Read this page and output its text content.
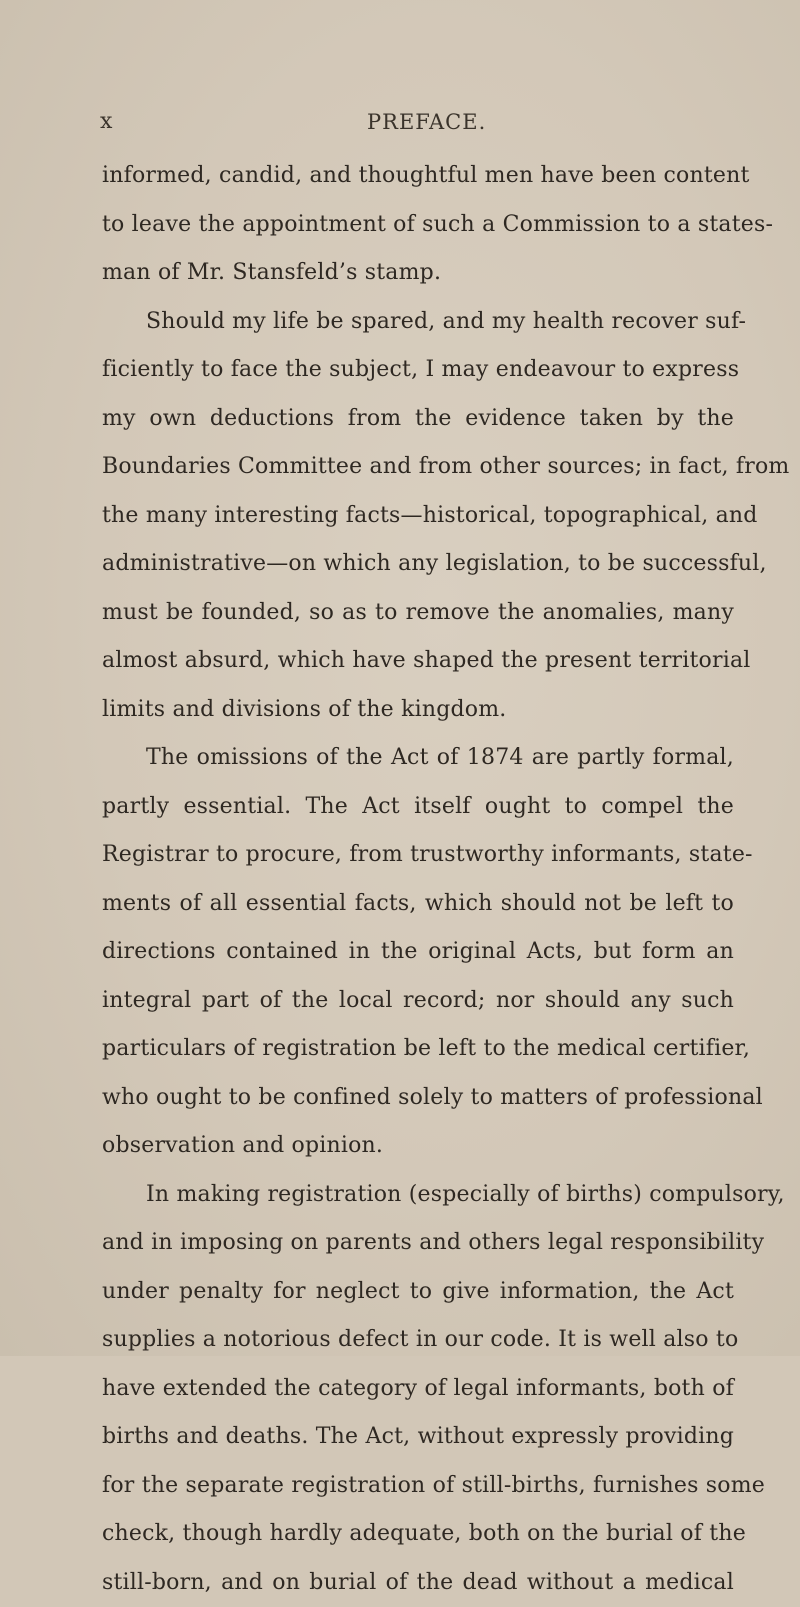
x	PREFACE.
informed, candid, and thoughtful men have been content
to leave the appointment of such a Commission to a states-
man of Mr. Stansfeld’s stamp.
Should my life be spared, and my health recover suf-
ficiently to face the subject, I may endeavour to express
my own deductions from the evidence taken by the
Boundaries Committee and from other sources; in fact, from
the many interesting facts—historical, topographical, and
administrative—on which any legislation, to be successful,
must be founded, so as to remove the anomalies, many
almost absurd, which have shaped the present territorial
limits and divisions of the kingdom.
The omissions of the Act of 1874 are partly formal,
partly essential. The Act itself ought to compel the
Registrar to procure, from trustworthy informants, state-
ments of all essential facts, which should not be left to
directions contained in the original Acts, but form an
integral part of the local record; nor should any such
particulars of registration be left to the medical certifier,
who ought to be confined solely to matters of professional
observation and opinion.
In making registration (especially of births) compulsory,
and in imposing on parents and others legal responsibility
under penalty for neglect to give information, the Act
supplies a notorious defect in our code. It is well also to
have extended the category of legal informants, both of
births and deaths. The Act, without expressly providing
for the separate registration of still-births, furnishes some
check, though hardly adequate, both on the burial of the
still-born, and on burial of the dead without a medical
